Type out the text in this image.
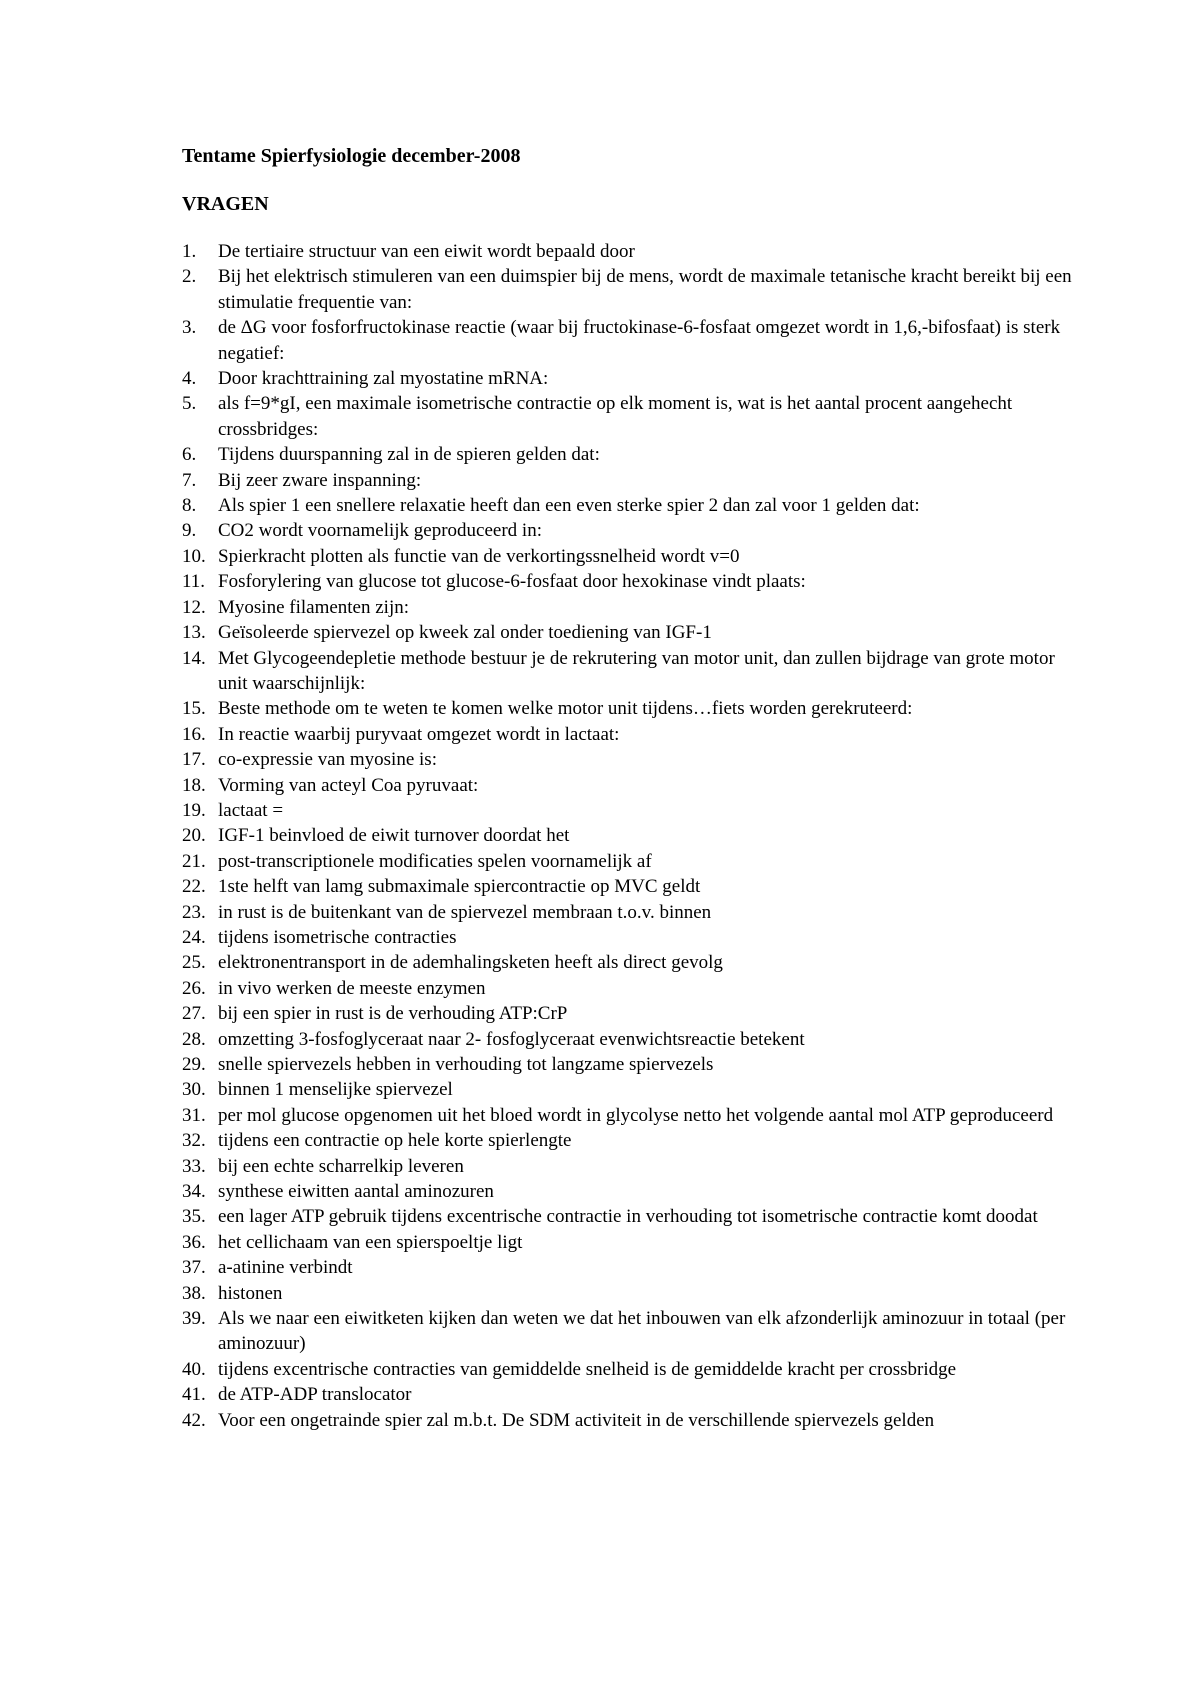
Tentame Spierfysiologie december-2008
VRAGEN
1. De tertiaire structuur van een eiwit wordt bepaald door
2. Bij het elektrisch stimuleren van een duimspier bij de mens, wordt de maximale tetanische kracht bereikt bij een stimulatie frequentie van:
3. de ΔG voor fosforfructokinase reactie (waar bij fructokinase-6-fosfaat omgezet wordt in 1,6,-bifosfaat) is sterk negatief:
4. Door krachttraining zal myostatine mRNA:
5. als f=9*gI, een maximale isometrische contractie op elk moment is, wat is het aantal procent aangehecht crossbridges:
6. Tijdens duurspanning zal in de spieren gelden dat:
7. Bij zeer zware inspanning:
8. Als spier 1 een snellere relaxatie heeft dan een even sterke spier 2 dan zal voor 1 gelden dat:
9. CO2 wordt voornamelijk geproduceerd in:
10. Spierkracht plotten als functie van de verkortingssnelheid wordt v=0
11. Fosforylering van glucose tot glucose-6-fosfaat door hexokinase vindt plaats:
12. Myosine filamenten zijn:
13. Geïsoleerde spiervezel op kweek zal onder toediening van IGF-1
14. Met Glycogeendepletie methode bestuur je de rekrutering van motor unit, dan zullen bijdrage van grote motor unit waarschijnlijk:
15. Beste methode om te weten te komen welke motor unit tijdens…fiets worden gerekruteerd:
16. In reactie waarbij puryvaat omgezet wordt in lactaat:
17. co-expressie van myosine is:
18. Vorming van acteyl Coa pyruvaat:
19. lactaat =
20. IGF-1 beinvloed de eiwit turnover doordat het
21. post-transcriptionele modificaties spelen voornamelijk af
22. 1ste helft van lamg submaximale spiercontractie op MVC geldt
23. in rust is de buitenkant van de spiervezel membraan t.o.v. binnen
24. tijdens isometrische contracties
25. elektronentransport in de ademhalingsketen heeft als direct gevolg
26. in vivo werken de meeste enzymen
27. bij een spier in rust is de verhouding ATP:CrP
28. omzetting 3-fosfoglyceraat naar 2- fosfoglyceraat evenwichtsreactie betekent
29. snelle spiervezels hebben in verhouding tot langzame spiervezels
30. binnen 1 menselijke spiervezel
31. per mol glucose opgenomen uit het bloed wordt in glycolyse netto het volgende aantal mol ATP geproduceerd
32. tijdens een contractie op hele korte spierlengte
33. bij een echte scharrelkip leveren
34. synthese eiwitten aantal aminozuren
35. een lager ATP gebruik tijdens excentrische contractie in verhouding tot isometrische contractie komt doodat
36. het cellichaam van een spierspoeltje ligt
37. a-atinine verbindt
38. histonen
39. Als we naar een eiwitketen kijken dan weten we dat het inbouwen van elk afzonderlijk aminozuur in totaal (per aminozuur)
40. tijdens excentrische contracties van gemiddelde snelheid is de gemiddelde kracht per crossbridge
41. de ATP-ADP translocator
42. Voor een ongetrainde spier zal m.b.t. De SDM activiteit in de verschillende spiervezels gelden
